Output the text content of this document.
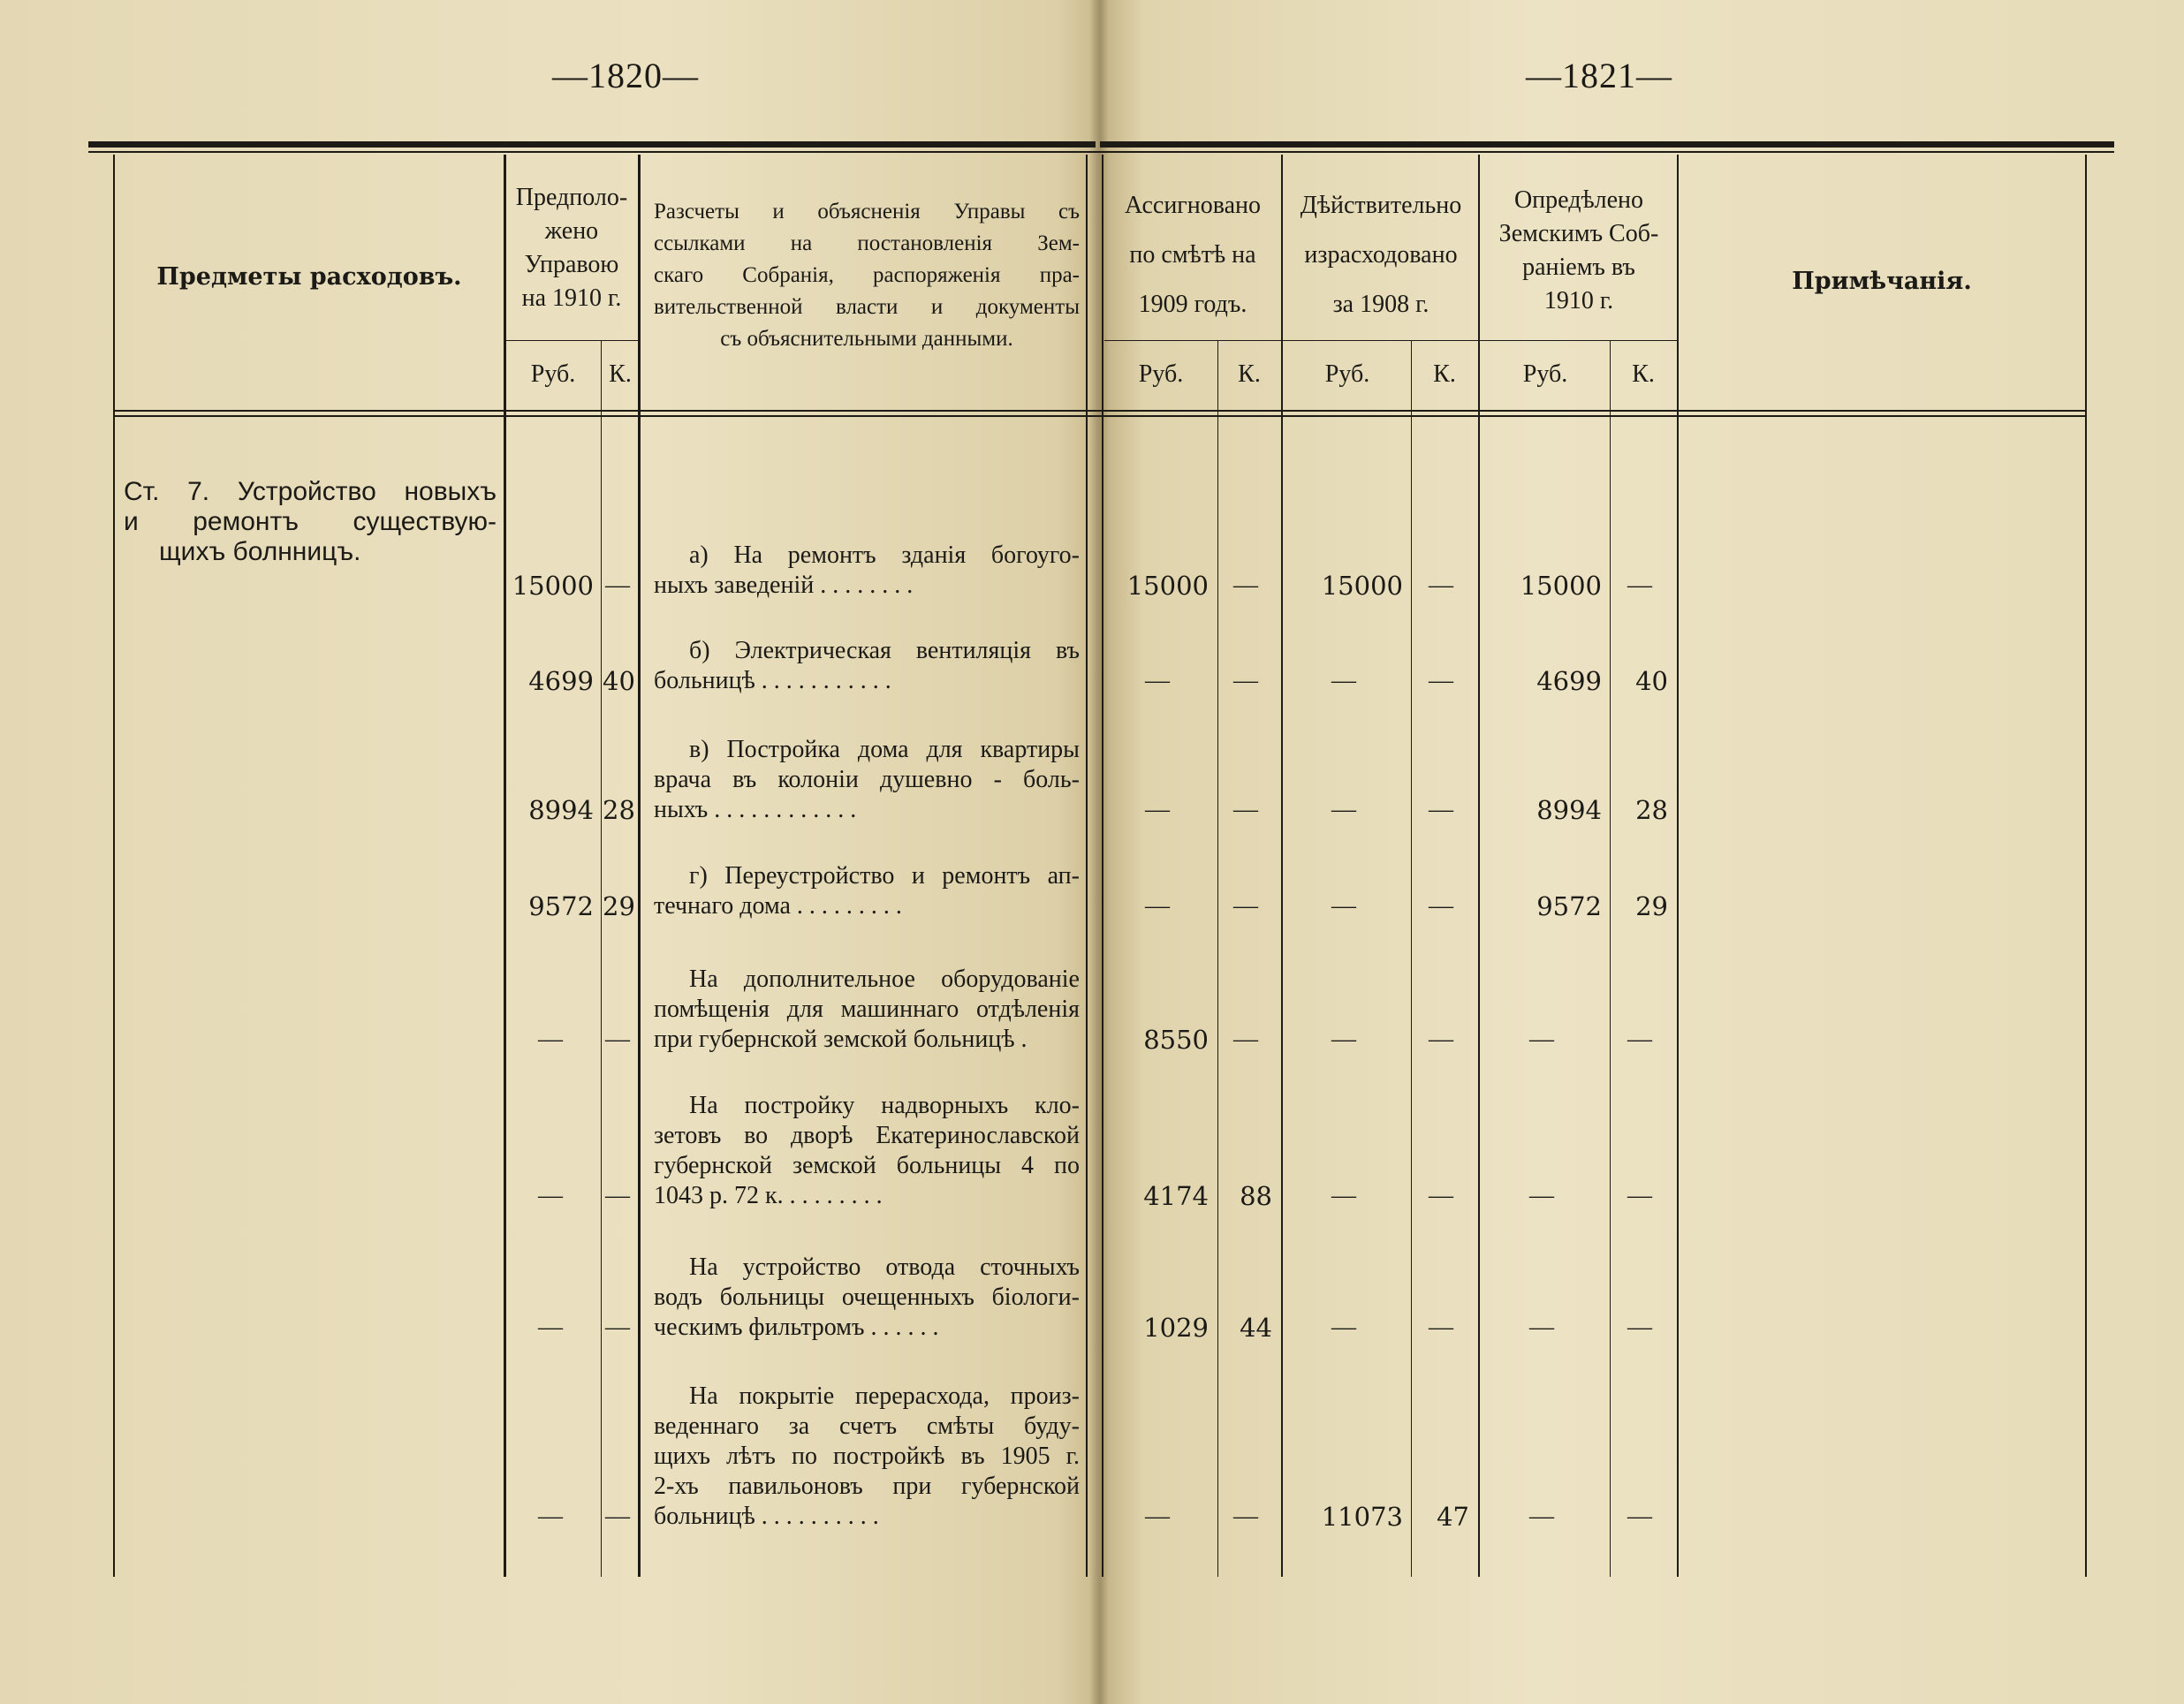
—1820—	—1821—
Предметы расходовъ.
Предполо-
жено
Управою
на 1910 г.
Разсчеты и объясненія Управы съ
ссылками на постановленія Зем-
скаго Собранія, распоряженія пра-
вительственной власти и документы
съ объяснительными данными.
Ассигновано
по смѣтѣ на
1909 годъ.
Дѣйствительно
израсходовано
за 1908 г.
Опредѣлено
Земскимъ Соб-
раніемъ въ
1910 г.
Примѣчанія.
Руб.	К.	Руб.	К.	Руб.	К.	Руб.	К.
Ст. 7. Устройство новыхъ
и ремонтъ существую-
щихъ болнницъ.	а) На ремонтъ зданія богоуго-
ныхъ заведеній . . . . . . . .
15000 —	15000	—	15000	—	15000	—
б) Электрическая вентиляція въ
больницѣ . . . . . . . . . . .
4699 40	—	—	—	—	4699	40
в) Постройка дома для квартиры
врача въ колоніи душевно - боль-
ныхъ . . . . . . . . . . . .
8994 28	—	—	—	—	8994	28
г) Переустройство и ремонтъ ап-
течнаго дома . . . . . . . . .
9572 29	—	—	—	—	9572	29
На дополнительное оборудованіе
помѣщенія для машиннаго отдѣленія
при губернской земской больницѣ .
—	—	8550	—	—	—	—	—
На постройку надворныхъ кло-
зетовъ во дворѣ Екатеринославской
губернской земской больницы 4 по
1043 р. 72 к. . . . . . . . .
—	—	4174	88	—	—	—	—
На устройство отвода сточныхъ
водъ больницы очещенныхъ біологи-
ческимъ фильтромъ . . . . . .
—	—	1029	44	—	—	—	—
На покрытіе перерасхода, произ-
веденнаго за счетъ смѣты буду-
щихъ лѣтъ по постройкѣ въ 1905 г.
2-хъ павильоновъ при губернской
больницѣ . . . . . . . . . .
—	—	—	—	11073	47	—	—
